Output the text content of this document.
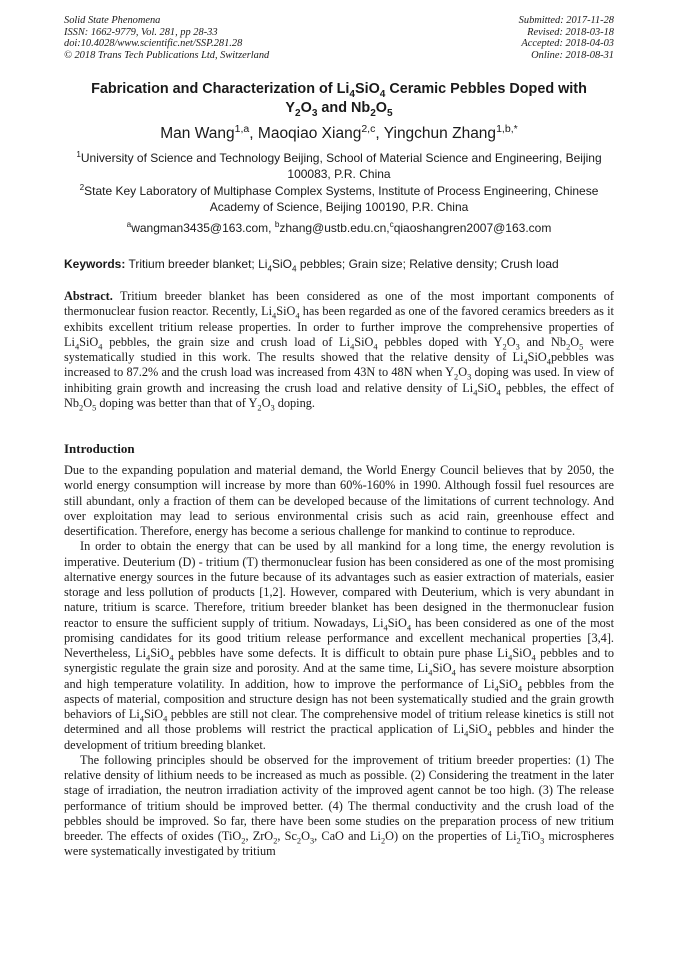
Solid State Phenomena
ISSN: 1662-9779, Vol. 281, pp 28-33
doi:10.4028/www.scientific.net/SSP.281.28
© 2018 Trans Tech Publications Ltd, Switzerland
Submitted: 2017-11-28
Revised: 2018-03-18
Accepted: 2018-04-03
Online: 2018-08-31
Fabrication and Characterization of $Li_4SiO_4$ Ceramic Pebbles Doped with
$Y_2O_3$ and $Nb_2O_5$
Man Wang$^{1,a}$, Maoqiao Xiang$^{2,c}$, Yingchun Zhang$^{1,b,*}$
$^1$University of Science and Technology Beijing, School of Material Science and Engineering, Beijing 100083, P.R. China
$^2$State Key Laboratory of Multiphase Complex Systems, Institute of Process Engineering, Chinese Academy of Science, Beijing 100190, P.R. China
$^a$wangman3435@163.com, $^b$zhang@ustb.edu.cn,$^c$qiaoshangren2007@163.com
Keywords: Tritium breeder blanket; $Li_4SiO_4$ pebbles; Grain size; Relative density; Crush load
Abstract. Tritium breeder blanket has been considered as one of the most important components of thermonuclear fusion reactor. Recently, $Li_4SiO_4$ has been regarded as one of the favored ceramics breeders as it exhibits excellent tritium release properties. In order to further improve the comprehensive properties of $Li_4SiO_4$ pebbles, the grain size and crush load of $Li_4SiO_4$ pebbles doped with $Y_2O_3$ and $Nb_2O_5$ were systematically studied in this work. The results showed that the relative density of $Li_4SiO_4pebbles$ was increased to 87.2% and the crush load was increased from 43N to 48N when $Y_2O_3$ doping was used. In view of inhibiting grain growth and increasing the crush load and relative density of $Li_4SiO_4$ pebbles, the effect of $Nb_2O_5$ doping was better than that of $Y_2O_3$ doping.
Introduction

Due to the expanding population and material demand, the World Energy Council believes that by 2050, the world energy consumption will increase by more than 60%-160% in 1990. Although fossil fuel resources are still abundant, only a fraction of them can be developed because of the limitations of current technology. And over exploitation may lead to serious environmental crisis such as acid rain, greenhouse effect and desertification. Therefore, energy has become a serious challenge for mankind to continue to reproduce.

In order to obtain the energy that can be used by all mankind for a long time, the energy revolution is imperative. Deuterium (D) - tritium (T) thermonuclear fusion has been considered as one of the most promising alternative energy sources in the future because of its advantages such as easier extraction of materials, easier storage and less pollution of products [1,2]. However, compared with Deuterium, which is very abundant in nature, tritium is scarce. Therefore, tritium breeder blanket has been designed in the thermonuclear fusion reactor to ensure the sufficient supply of tritium. Nowadays, $Li_4SiO_4$ has been considered as one of the most promising candidates for its good tritium release performance and excellent mechanical properties [3,4]. Nevertheless, $Li_4SiO_4$ pebbles have some defects. It is difficult to obtain pure phase $Li_4SiO_4$ pebbles and to synergistic regulate the grain size and porosity. And at the same time, $Li_4SiO_4$ has severe moisture absorption and high temperature volatility. In addition, how to improve the performance of $Li_4SiO_4$ pebbles from the aspects of material, composition and structure design has not been systematically studied and the grain growth behaviors of $Li_4SiO_4$ pebbles are still not clear. The comprehensive model of tritium release kinetics is still not determined and all those problems will restrict the practical application of $Li_4SiO_4$ pebbles and hinder the development of tritium breeding blanket.

The following principles should be observed for the improvement of tritium breeder properties: (1) The relative density of lithium needs to be increased as much as possible. (2) Considering the treatment in the later stage of irradiation, the neutron irradiation activity of the improved agent cannot be too high. (3) The release performance of tritium should be improved better. (4) The thermal conductivity and the crush load of the pebbles should be improved. So far, there have been some studies on the preparation process of new tritium breeder. The effects of oxides (TiO$_2$, ZrO$_2$, $Sc_2O_3$, CaO and $Li_2O$) on the properties of $Li_2TiO_3$ microspheres were systematically investigated by tritium
